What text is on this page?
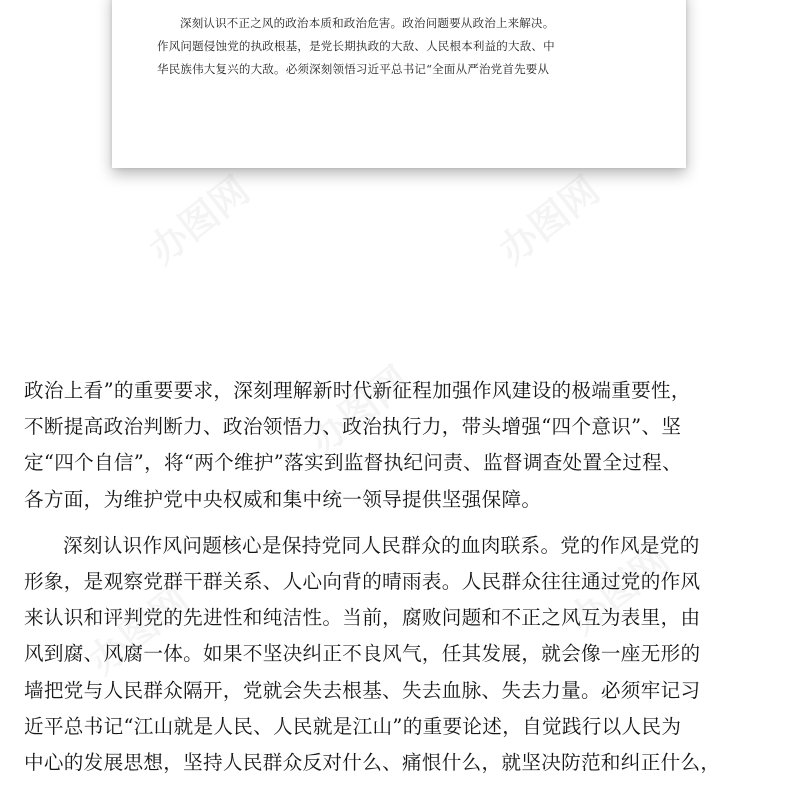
深刻认识不正之风的政治本质和政治危害。政治问题要从政治上来解决。
作风问题侵蚀党的执政根基，是党长期执政的大敌、人民根本利益的大敌、中
华民族伟大复兴的大敌。必须深刻领悟习近平总书记“全面从严治党首先要从
办图网	办图网
办图网
办图网	办图网
政治上看”的重要要求，深刻理解新时代新征程加强作风建设的极端重要性，
不断提高政治判断力、政治领悟力、政治执行力，带头增强“四个意识”、坚
定“四个自信”，将“两个维护”落实到监督执纪问责、监督调查处置全过程、
各方面，为维护党中央权威和集中统一领导提供坚强保障。
深刻认识作风问题核心是保持党同人民群众的血肉联系。党的作风是党的
形象，是观察党群干群关系、人心向背的晴雨表。人民群众往往通过党的作风
来认识和评判党的先进性和纯洁性。当前，腐败问题和不正之风互为表里，由
风到腐、风腐一体。如果不坚决纠正不良风气，任其发展，就会像一座无形的
墙把党与人民群众隔开，党就会失去根基、失去血脉、失去力量。必须牢记习
近平总书记“江山就是人民、人民就是江山”的重要论述，自觉践行以人民为
中心的发展思想，坚持人民群众反对什么、痛恨什么，就坚决防范和纠正什么，
